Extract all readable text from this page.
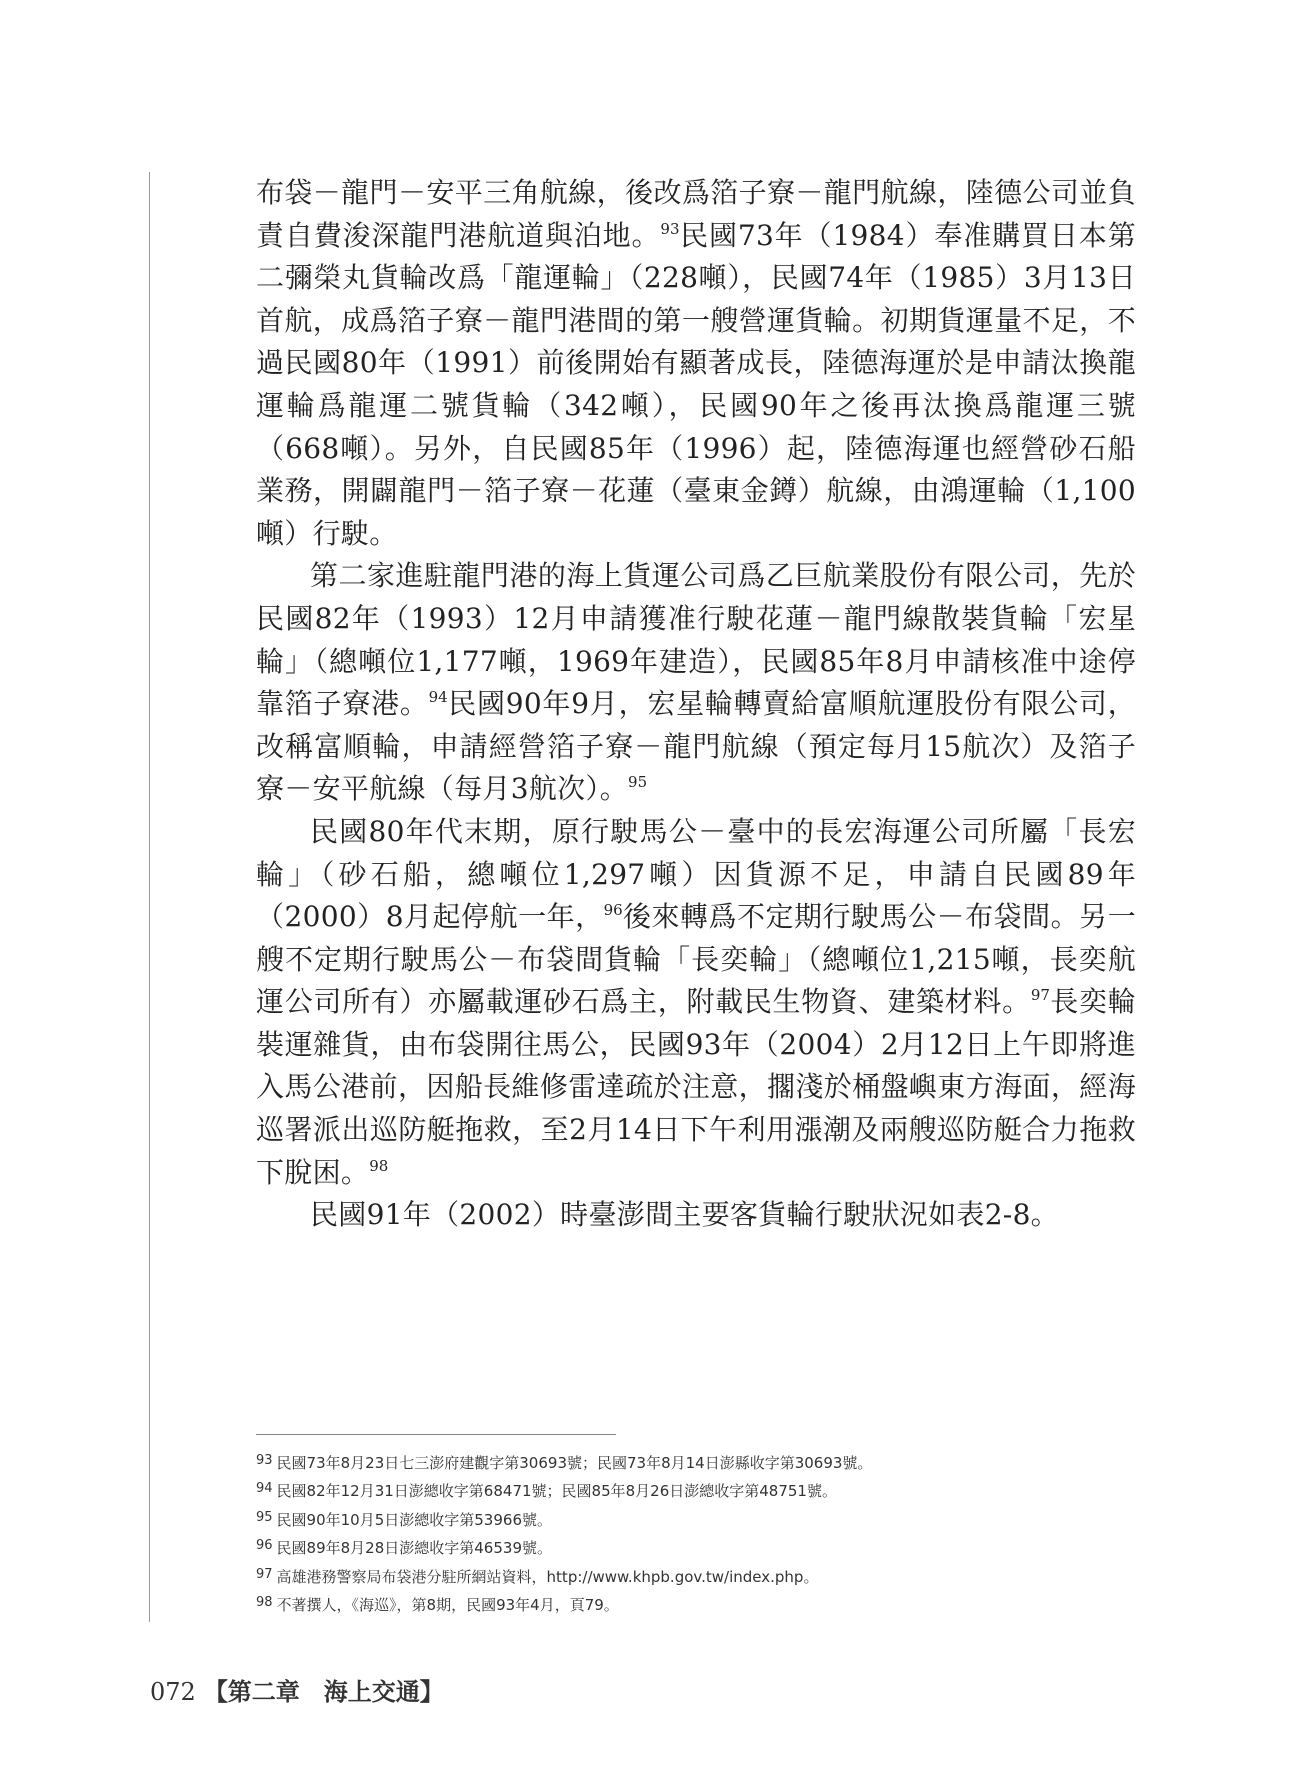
布袋－龍門－安平三角航線，後改爲箔子寮－龍門航線，陸德公司並負責自費浚深龍門港航道與泊地。$^{93}$民國73年（1984）奉准購買日本第二彌榮丸貨輪改爲「龍運輪」（228噸），民國74年（1985）3月13日首航，成爲箔子寮－龍門港間的第一艘營運貨輪。初期貨運量不足，不過民國80年（1991）前後開始有顯著成長，陸德海運於是申請汰換龍運輪爲龍運二號貨輪（342噸），民國90年之後再汰換爲龍運三號（668噸）。另外，自民國85年（1996）起，陸德海運也經營砂石船業務，開闢龍門－箔子寮－花蓮（臺東金鐏）航線，由鴻運輪（1,100噸）行駛。

第二家進駐龍門港的海上貨運公司爲乙巨航業股份有限公司，先於民國82年（1993）12月申請獲准行駛花蓮－龍門線散裝貨輪「宏星輪」（總噸位1,177噸，1969年建造），民國85年8月申請核准中途停靠箔子寮港。$^{94}$民國90年9月，宏星輪轉賣給富順航運股份有限公司，改稱富順輪，申請經營箔子寮－龍門航線（預定每月15航次）及箔子寮－安平航線（每月3航次）。$^{95}$

民國80年代末期，原行駛馬公－臺中的長宏海運公司所屬「長宏輪」（砂石船，總噸位1,297噸）因貨源不足，申請自民國89年（2000）8月起停航一年，$^{96}$後來轉爲不定期行駛馬公－布袋間。另一艘不定期行駛馬公－布袋間貨輪「長奕輪」（總噸位1,215噸，長奕航運公司所有）亦屬載運砂石爲主，附載民生物資、建築材料。$^{97}$長奕輪裝運雜貨，由布袋開往馬公，民國93年（2004）2月12日上午即將進入馬公港前，因船長維修雷達疏於注意，擱淺於桶盤嶼東方海面，經海巡署派出巡防艇拖救，至2月14日下午利用漲潮及兩艘巡防艇合力拖救下脫困。$^{98}$

民國91年（2002）時臺澎間主要客貨輪行駛狀況如表2-8。

93 民國73年8月23日七三澎府建觀字第30693號；民國73年8月14日澎縣收字第30693號。

94 民國82年12月31日澎總收字第68471號；民國85年8月26日澎總收字第48751號。

95 民國90年10月5日澎總收字第53966號。

96 民國89年8月28日澎總收字第46539號。

97 高雄港務警察局布袋港分駐所網站資料，http://www.khpb.gov.tw/index.php。

98 不著撰人，《海巡》，第8期，民國93年4月，頁79。

072 【第二章　海上交通】
